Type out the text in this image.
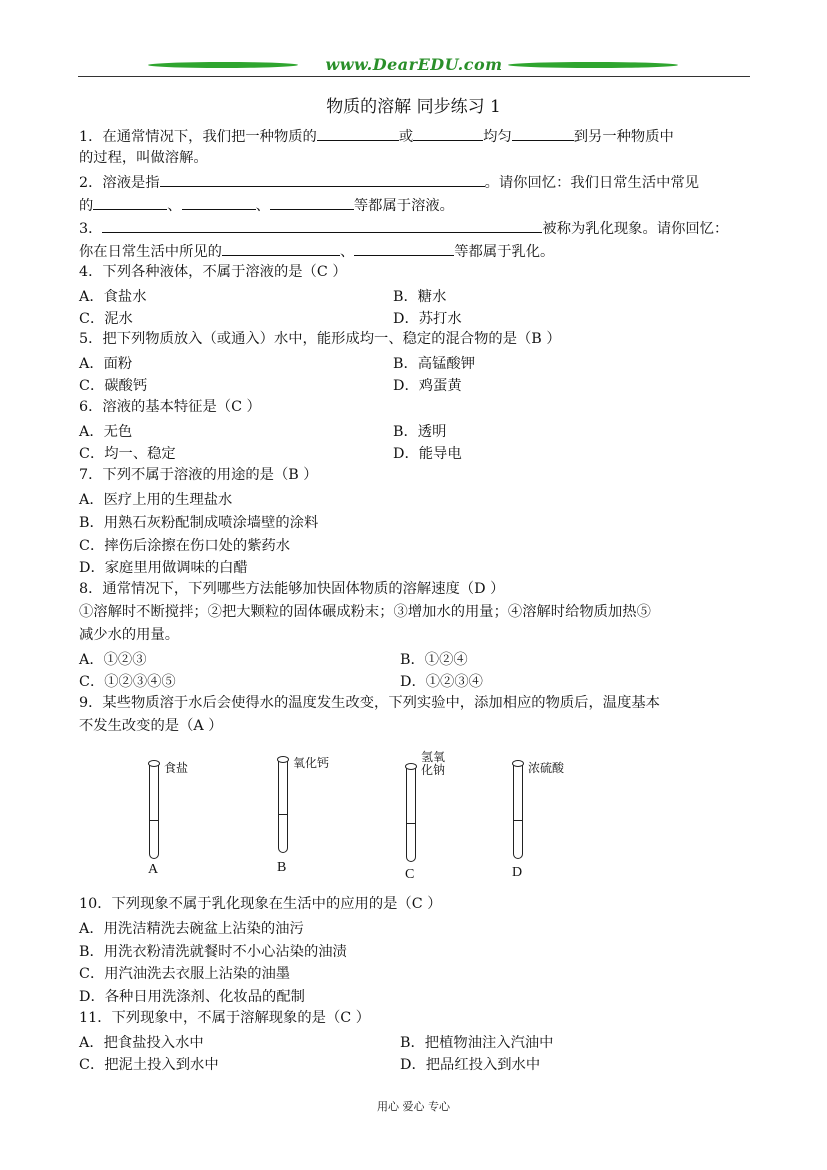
www.DearEDU.com
物质的溶解 同步练习 1
1．在通常情况下，我们把一种物质的	或	均匀	到另一种物质中
的过程，叫做溶解。
2．溶液是指	。请你回忆：我们日常生活中常见
的	、	、	等都属于溶液。
3．	被称为乳化现象。请你回忆：
你在日常生活中所见的	、	等都属于乳化。
4．下列各种液体，不属于溶液的是（C ）
A．食盐水	B．糖水
C．泥水	D．苏打水
5．把下列物质放入（或通入）水中，能形成均一、稳定的混合物的是（B ）
A．面粉	B．高锰酸钾
C．碳酸钙	D．鸡蛋黄
6．溶液的基本特征是（C ）
A．无色	B．透明
C．均一、稳定	D．能导电
7．下列不属于溶液的用途的是（B ）
A．医疗上用的生理盐水
B．用熟石灰粉配制成喷涂墙壁的涂料
C．摔伤后涂擦在伤口处的紫药水
D．家庭里用做调味的白醋
8．通常情况下，下列哪些方法能够加快固体物质的溶解速度（D ）
①溶解时不断搅拌；②把大颗粒的固体碾成粉末；③增加水的用量；④溶解时给物质加热⑤
减少水的用量。
A．①②③	B．①②④
C．①②③④⑤	D．①②③④
9．某些物质溶于水后会使得水的温度发生改变，下列实验中，添加相应的物质后，温度基本
不发生改变的是（A ）
食盐
A
氧化钙
B
氢氧化钠
C
浓硫酸
D
10．下列现象不属于乳化现象在生活中的应用的是（C ）
A．用洗洁精洗去碗盆上沾染的油污
B．用洗衣粉清洗就餐时不小心沾染的油渍
C．用汽油洗去衣服上沾染的油墨
D．各种日用洗涤剂、化妆品的配制
11．下列现象中，不属于溶解现象的是（C ）
A．把食盐投入水中	B．把植物油注入汽油中
C．把泥土投入到水中	D．把品红投入到水中
用心 爱心 专心
